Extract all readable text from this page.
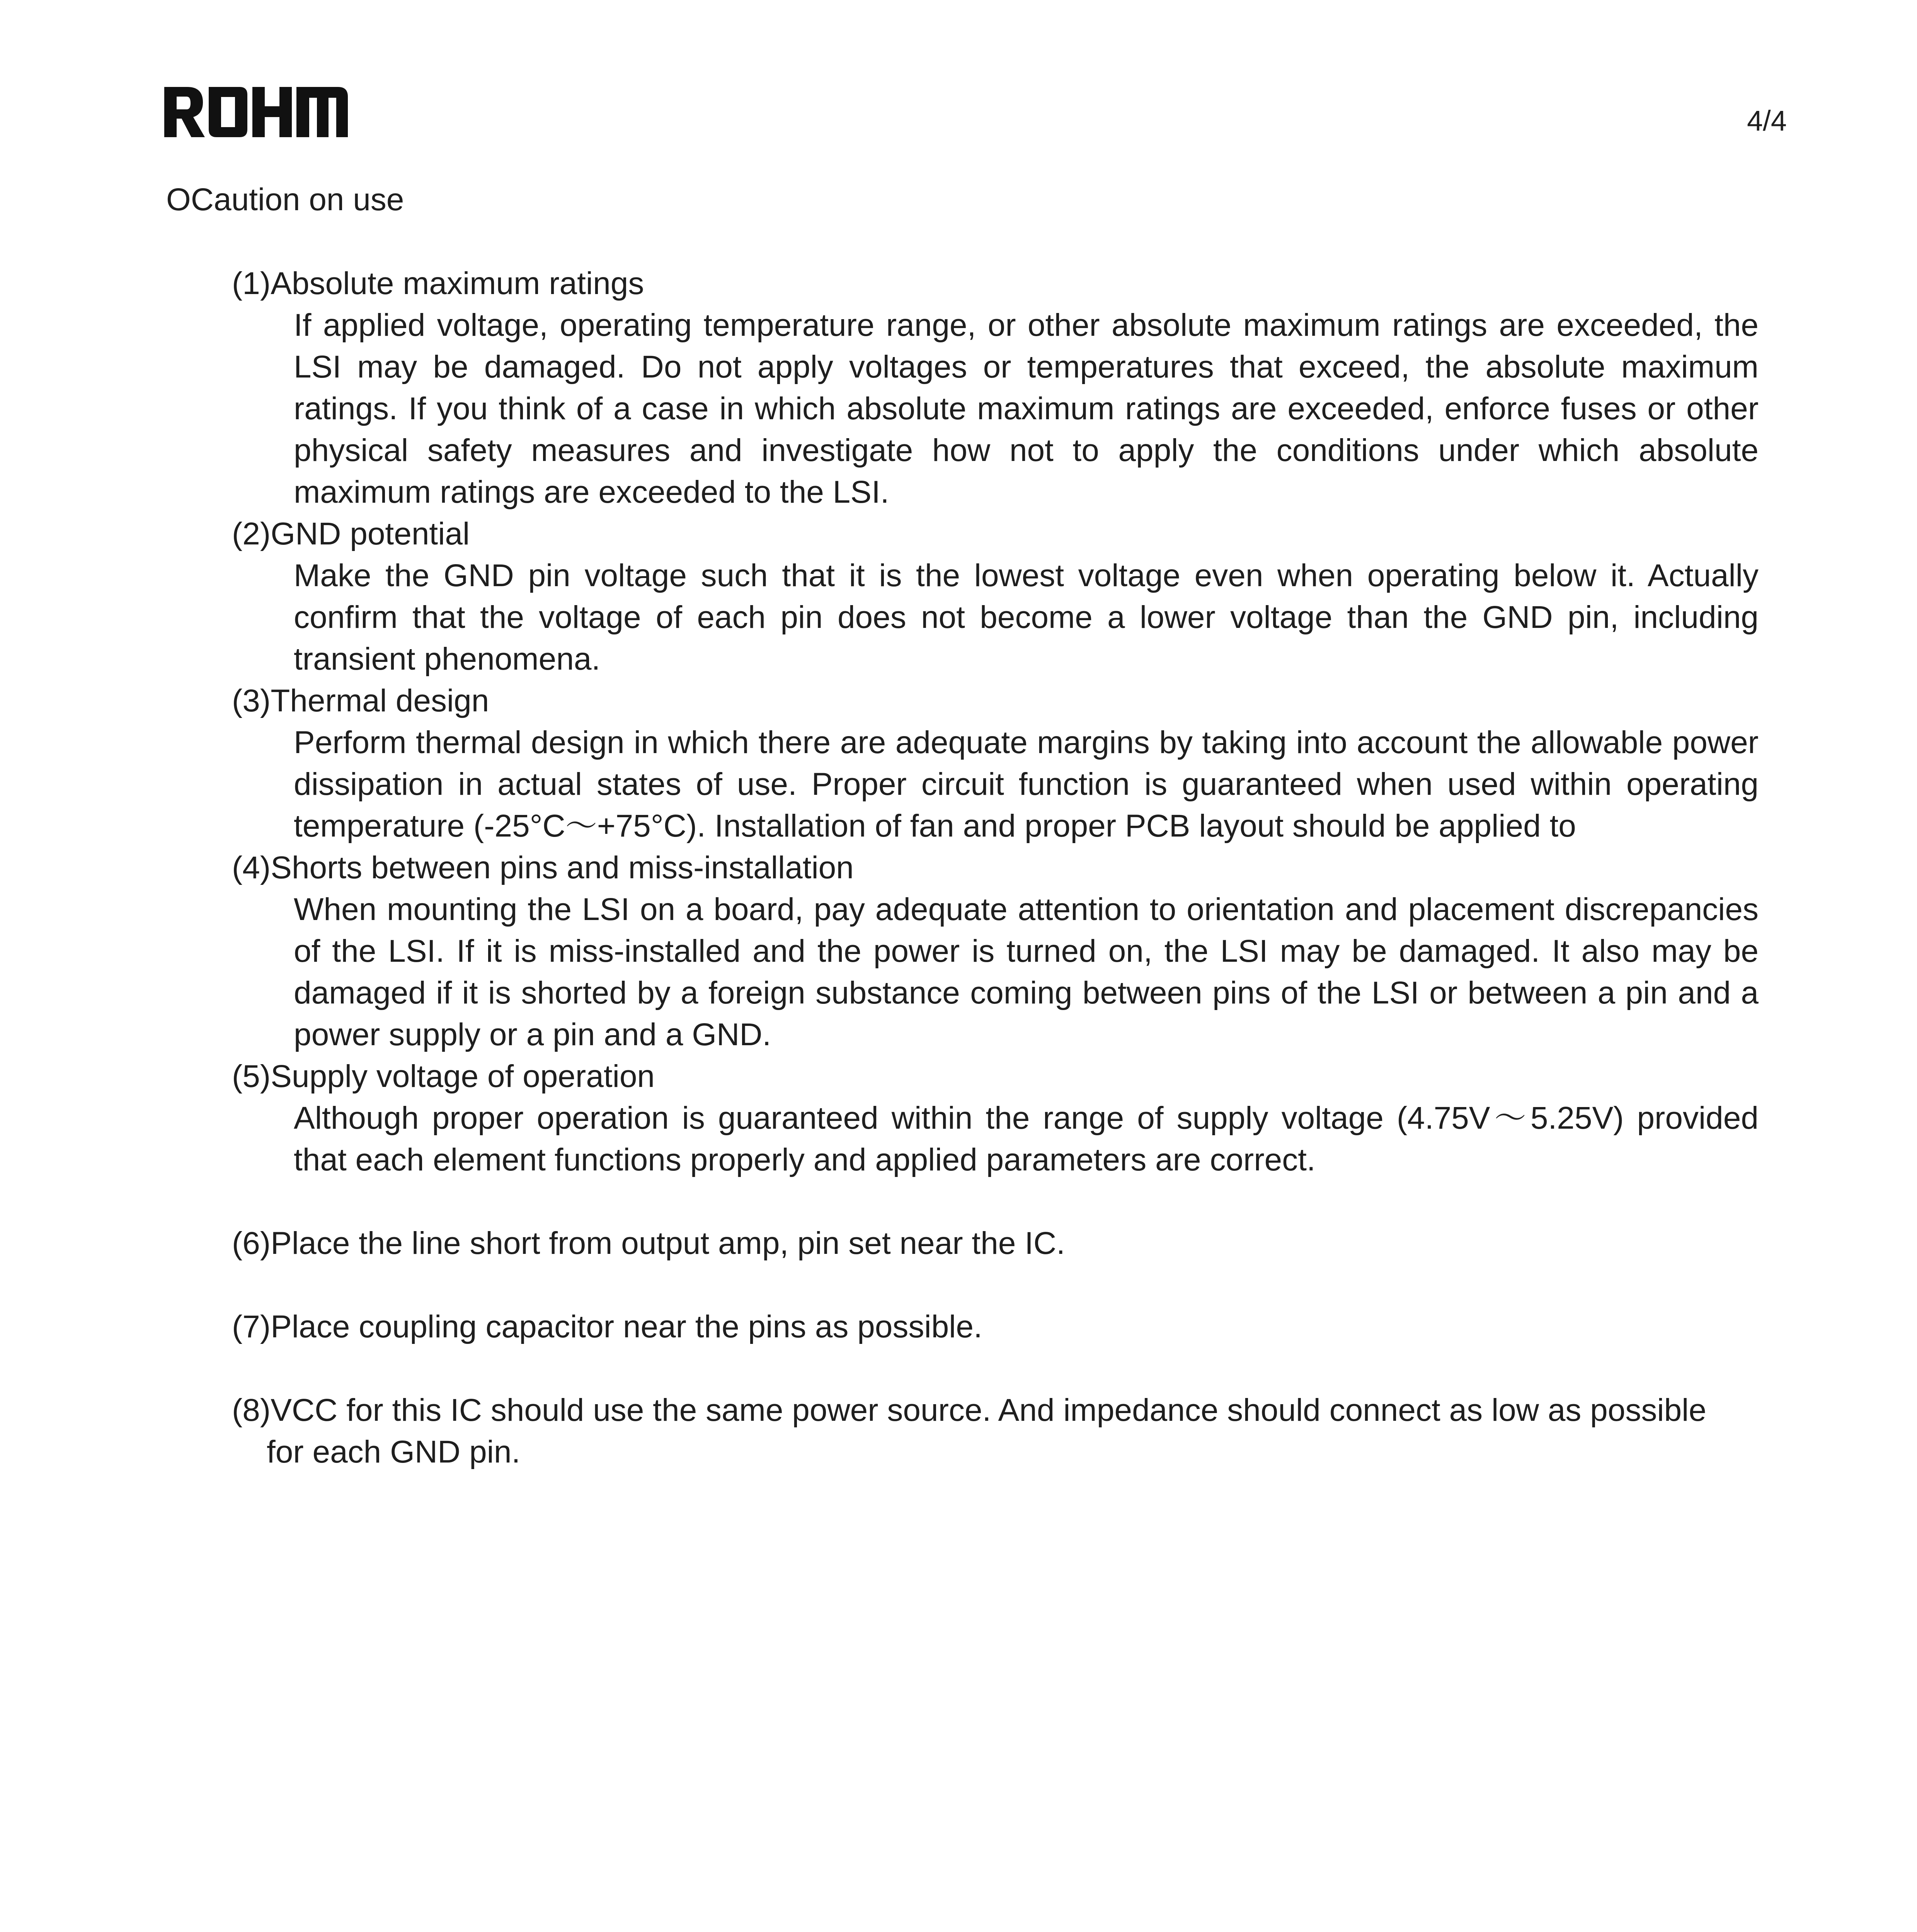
4/4
OCaution on use

(1)Absolute maximum ratings

If applied voltage, operating temperature range, or other absolute maximum ratings are exceeded, the LSI may be damaged. Do not apply voltages or temperatures that exceed, the absolute maximum ratings. If you think of a case in which absolute maximum ratings are exceeded, enforce fuses or other physical safety measures and investigate how not to apply the conditions under which absolute maximum ratings are exceeded to the LSI.

(2)GND potential

Make the GND pin voltage such that it is the lowest voltage even when operating below it. Actually confirm that the voltage of each pin does not become a lower voltage than the GND pin, including transient phenomena.

(3)Thermal design

Perform thermal design in which there are adequate margins by taking into account the allowable power dissipation in actual states of use. Proper circuit function is guaranteed when used within operating temperature (-25°C～+75°C). Installation of fan and proper PCB layout should be applied to

(4)Shorts between pins and miss-installation

When mounting the LSI on a board, pay adequate attention to orientation and placement discrepancies of the LSI. If it is miss-installed and the power is turned on, the LSI may be damaged. It also may be damaged if it is shorted by a foreign substance coming between pins of the LSI or between a pin and a power supply or a pin and a GND.

(5)Supply voltage of operation

Although proper operation is guaranteed within the range of supply voltage (4.75V～5.25V) provided that each element functions properly and applied parameters are correct.

(6)Place the line short from output amp, pin set near the IC.
(7)Place coupling capacitor near the pins as possible.
(8)VCC for this IC should use the same power source. And impedance should connect as low as possible
for each GND pin.
